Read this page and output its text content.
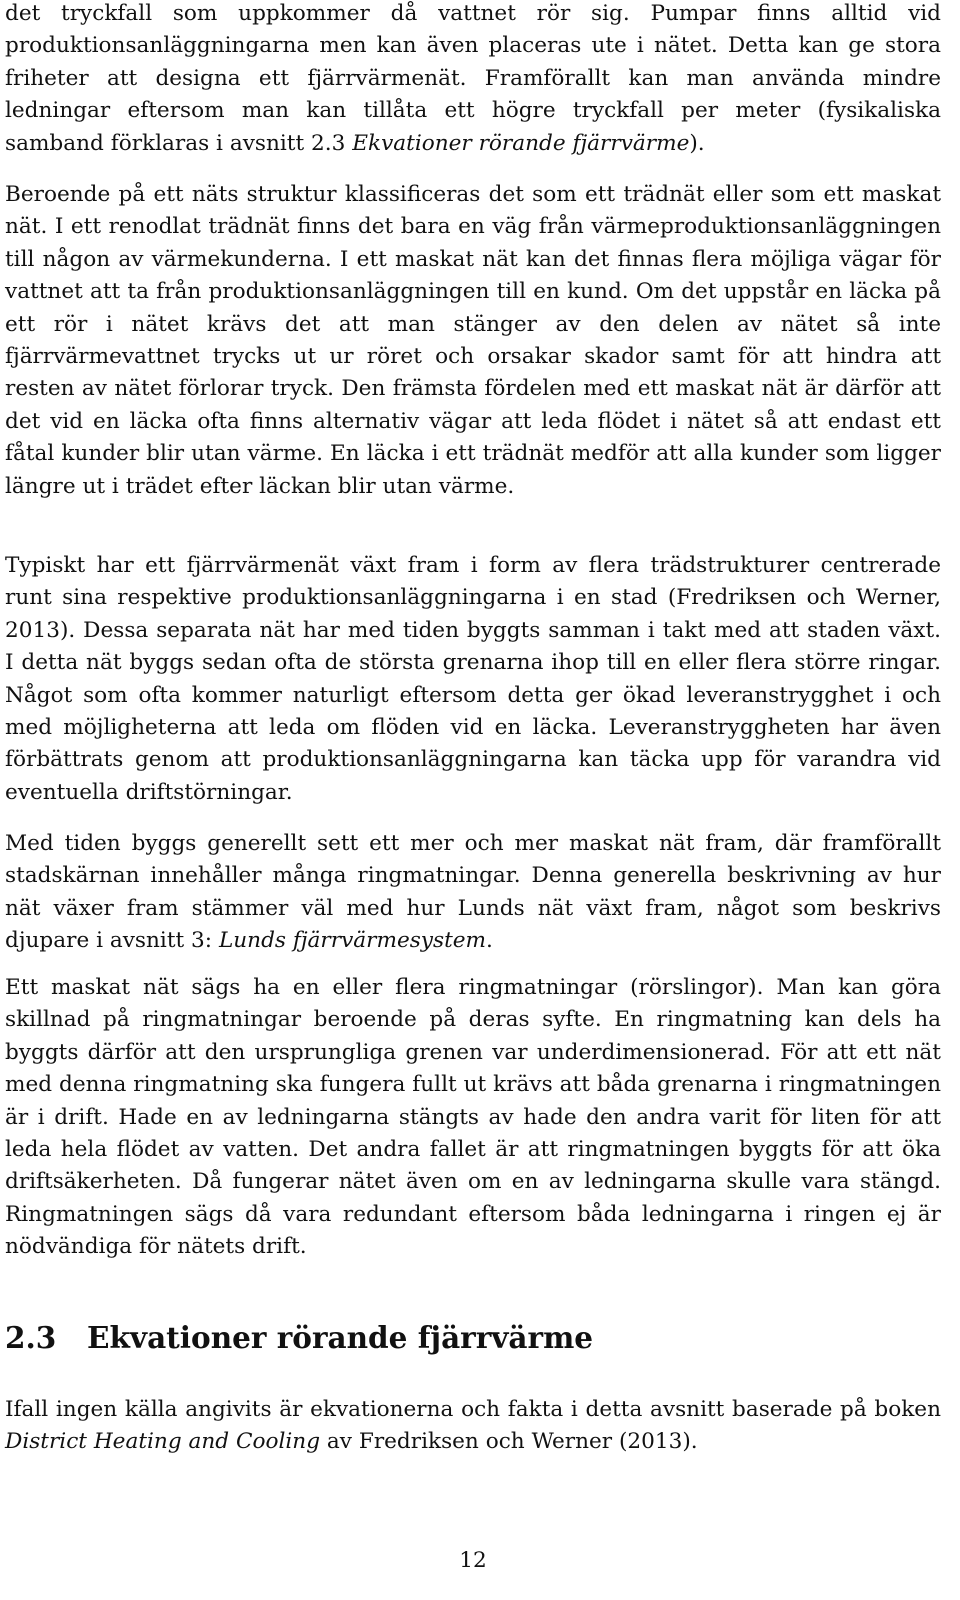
det tryckfall som uppkommer då vattnet rör sig. Pumpar finns alltid vid produktionsanläggningarna men kan även placeras ute i nätet. Detta kan ge stora friheter att designa ett fjärrvärmenät. Framförallt kan man använda mindre ledningar eftersom man kan tillåta ett högre tryckfall per meter (fysikaliska samband förklaras i avsnitt 2.3 Ekvationer rörande fjärrvärme).

Beroende på ett näts struktur klassificeras det som ett trädnät eller som ett maskat nät. I ett renodlat trädnät finns det bara en väg från värmeproduktionsanläggningen till någon av värmekunderna. I ett maskat nät kan det finnas flera möjliga vägar för vattnet att ta från produktionsanläggningen till en kund. Om det uppstår en läcka på ett rör i nätet krävs det att man stänger av den delen av nätet så inte fjärrvärmevattnet trycks ut ur röret och orsakar skador samt för att hindra att resten av nätet förlorar tryck. Den främsta fördelen med ett maskat nät är därför att det vid en läcka ofta finns alternativ vägar att leda flödet i nätet så att endast ett fåtal kunder blir utan värme. En läcka i ett trädnät medför att alla kunder som ligger längre ut i trädet efter läckan blir utan värme.

Typiskt har ett fjärrvärmenät växt fram i form av flera trädstrukturer centrerade runt sina respektive produktionsanläggningarna i en stad (Fredriksen och Werner, 2013). Dessa separata nät har med tiden byggts samman i takt med att staden växt. I detta nät byggs sedan ofta de största grenarna ihop till en eller flera större ringar. Något som ofta kommer naturligt eftersom detta ger ökad leveranstrygghet i och med möjligheterna att leda om flöden vid en läcka. Leveranstryggheten har även förbättrats genom att produktionsanläggningarna kan täcka upp för varandra vid eventuella driftstörningar.

Med tiden byggs generellt sett ett mer och mer maskat nät fram, där framförallt stadskärnan innehåller många ringmatningar. Denna generella beskrivning av hur nät växer fram stämmer väl med hur Lunds nät växt fram, något som beskrivs djupare i avsnitt 3: Lunds fjärrvärmesystem.

Ett maskat nät sägs ha en eller flera ringmatningar (rörslingor). Man kan göra skillnad på ringmatningar beroende på deras syfte. En ringmatning kan dels ha byggts därför att den ursprungliga grenen var underdimensionerad. För att ett nät med denna ringmatning ska fungera fullt ut krävs att båda grenarna i ringmatningen är i drift. Hade en av ledningarna stängts av hade den andra varit för liten för att leda hela flödet av vatten. Det andra fallet är att ringmatningen byggts för att öka driftsäkerheten. Då fungerar nätet även om en av ledningarna skulle vara stängd. Ringmatningen sägs då vara redundant eftersom båda ledningarna i ringen ej är nödvändiga för nätets drift.

2.3 Ekvationer rörande fjärrvärme

Ifall ingen källa angivits är ekvationerna och fakta i detta avsnitt baserade på boken District Heating and Cooling av Fredriksen och Werner (2013).

12
